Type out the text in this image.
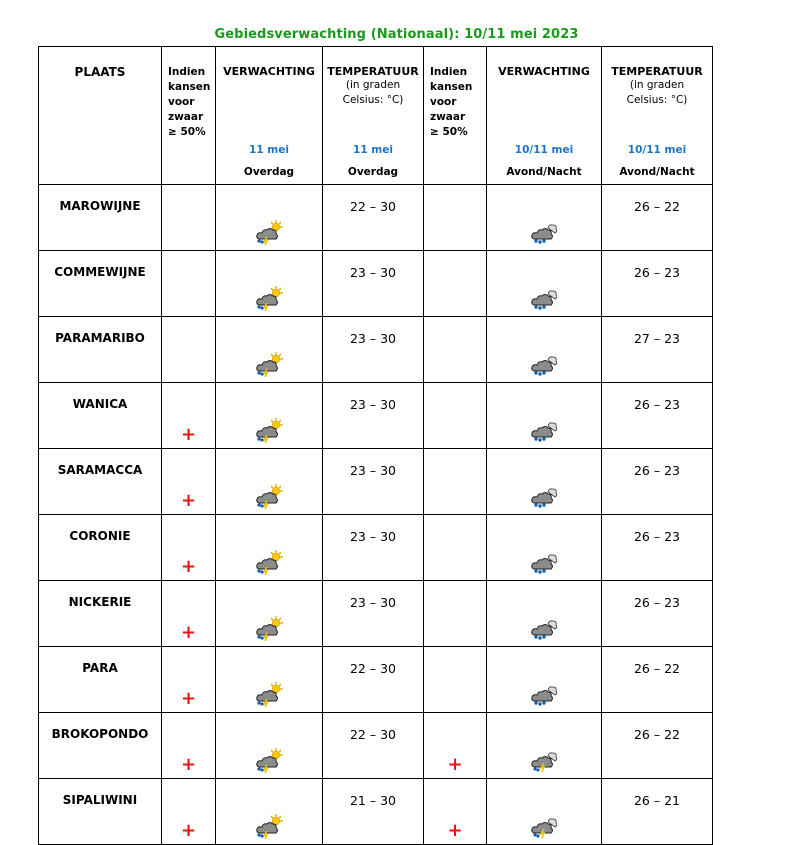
Gebiedsverwachting (Nationaal): 10/11 mei 2023
PLAATS	Indien
kansen
voor
zwaar
≥ 50%	VERWACHTING
11 mei
Overdag	TEMPERATUUR
(in graden
Celsius: °C)
11 mei
Overdag	Indien
kansen
voor
zwaar
≥ 50%	VERWACHTING
10/11 mei
Avond/Nacht	TEMPERATUUR
(in graden
Celsius: °C)
10/11 mei
Avond/Nacht

MAROWIJNE			22 – 30			26 – 22
COMMEWIJNE			23 – 30			26 – 23
PARAMARIBO			23 – 30			27 – 23
WANICA	+		23 – 30			26 – 23
SARAMACCA	+		23 – 30			26 – 23
CORONIE	+		23 – 30			26 – 23
NICKERIE	+		23 – 30			26 – 23
PARA	+		22 – 30			26 – 22
BROKOPONDO	+		22 – 30	+		26 – 22
SIPALIWINI	+		21 – 30	+		26 – 21
